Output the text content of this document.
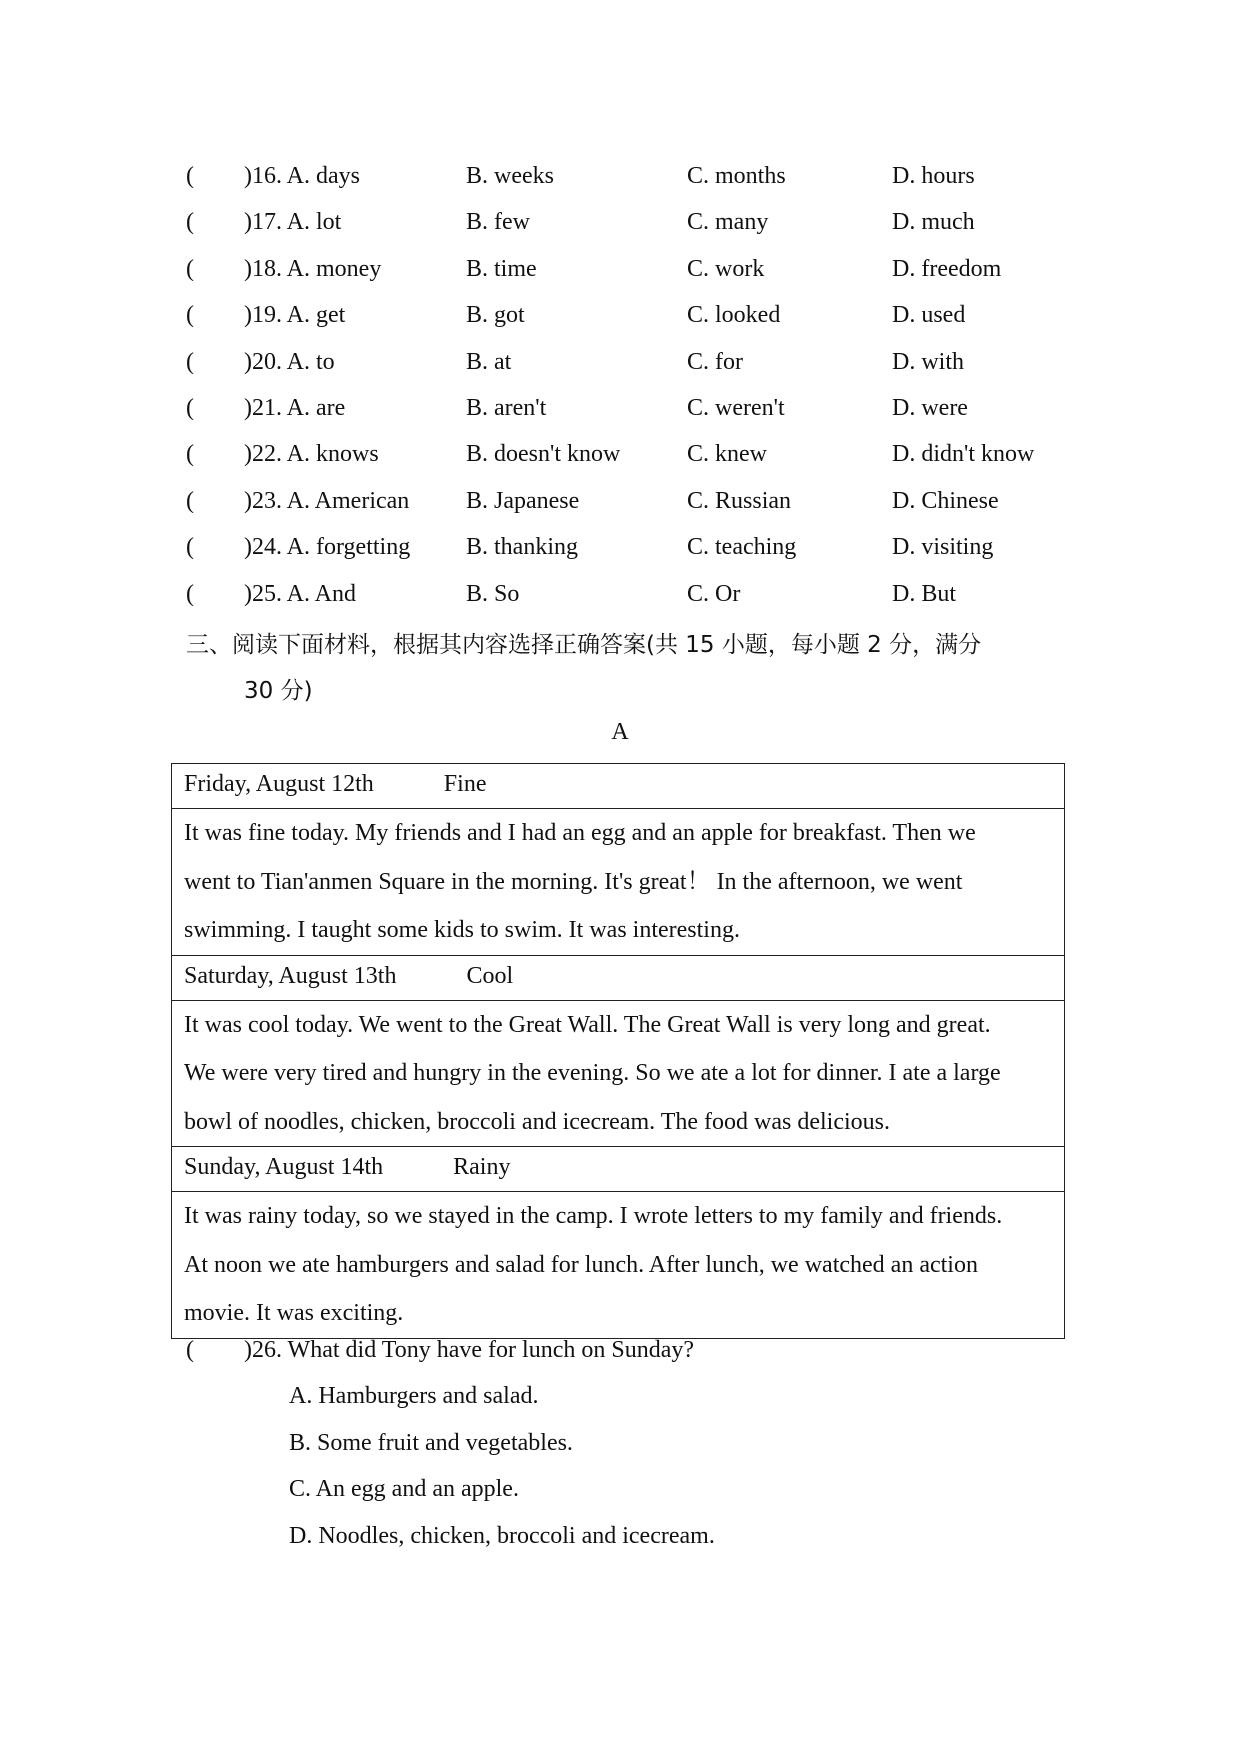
( )16. A. days	B. weeks	C. months	D. hours
( )17. A. lot	B. few	C. many	D. much
( )18. A. money	B. time	C. work	D. freedom
( )19. A. get	B. got	C. looked	D. used
( )20. A. to	B. at	C. for	D. with
( )21. A. are	B. aren't	C. weren't	D. were
( )22. A. knows	B. doesn't know	C. knew	D. didn't know
( )23. A. American B. Japanese	C. Russian	D. Chinese
( )24. A. forgetting B. thanking	C. teaching	D. visiting
( )25. A. And	B. So	C. Or	D. But
三、阅读下面材料，根据其内容选择正确答案(共 15 小题，每小题 2 分，满分
30 分)
A
Friday, August 12th	Fine

It was fine today. My friends and I had an egg and an apple for breakfast. Then we
went to Tian'anmen Square in the morning. It's great！ In the afternoon, we went
swimming. I taught some kids to swim. It was interesting.

Saturday, August 13th	Cool

It was cool today. We went to the Great Wall. The Great Wall is very long and great.
We were very tired and hungry in the evening. So we ate a lot for dinner. I ate a large
bowl of noodles, chicken, broccoli and icecream. The food was delicious.

Sunday, August 14th	Rainy

It was rainy today, so we stayed in the camp. I wrote letters to my family and friends.
At noon we ate hamburgers and salad for lunch. After lunch, we watched an action
movie. It was exciting.
( )26. What did Tony have for lunch on Sunday?
A. Hamburgers and salad.
B. Some fruit and vegetables.
C. An egg and an apple.
D. Noodles, chicken, broccoli and icecream.
